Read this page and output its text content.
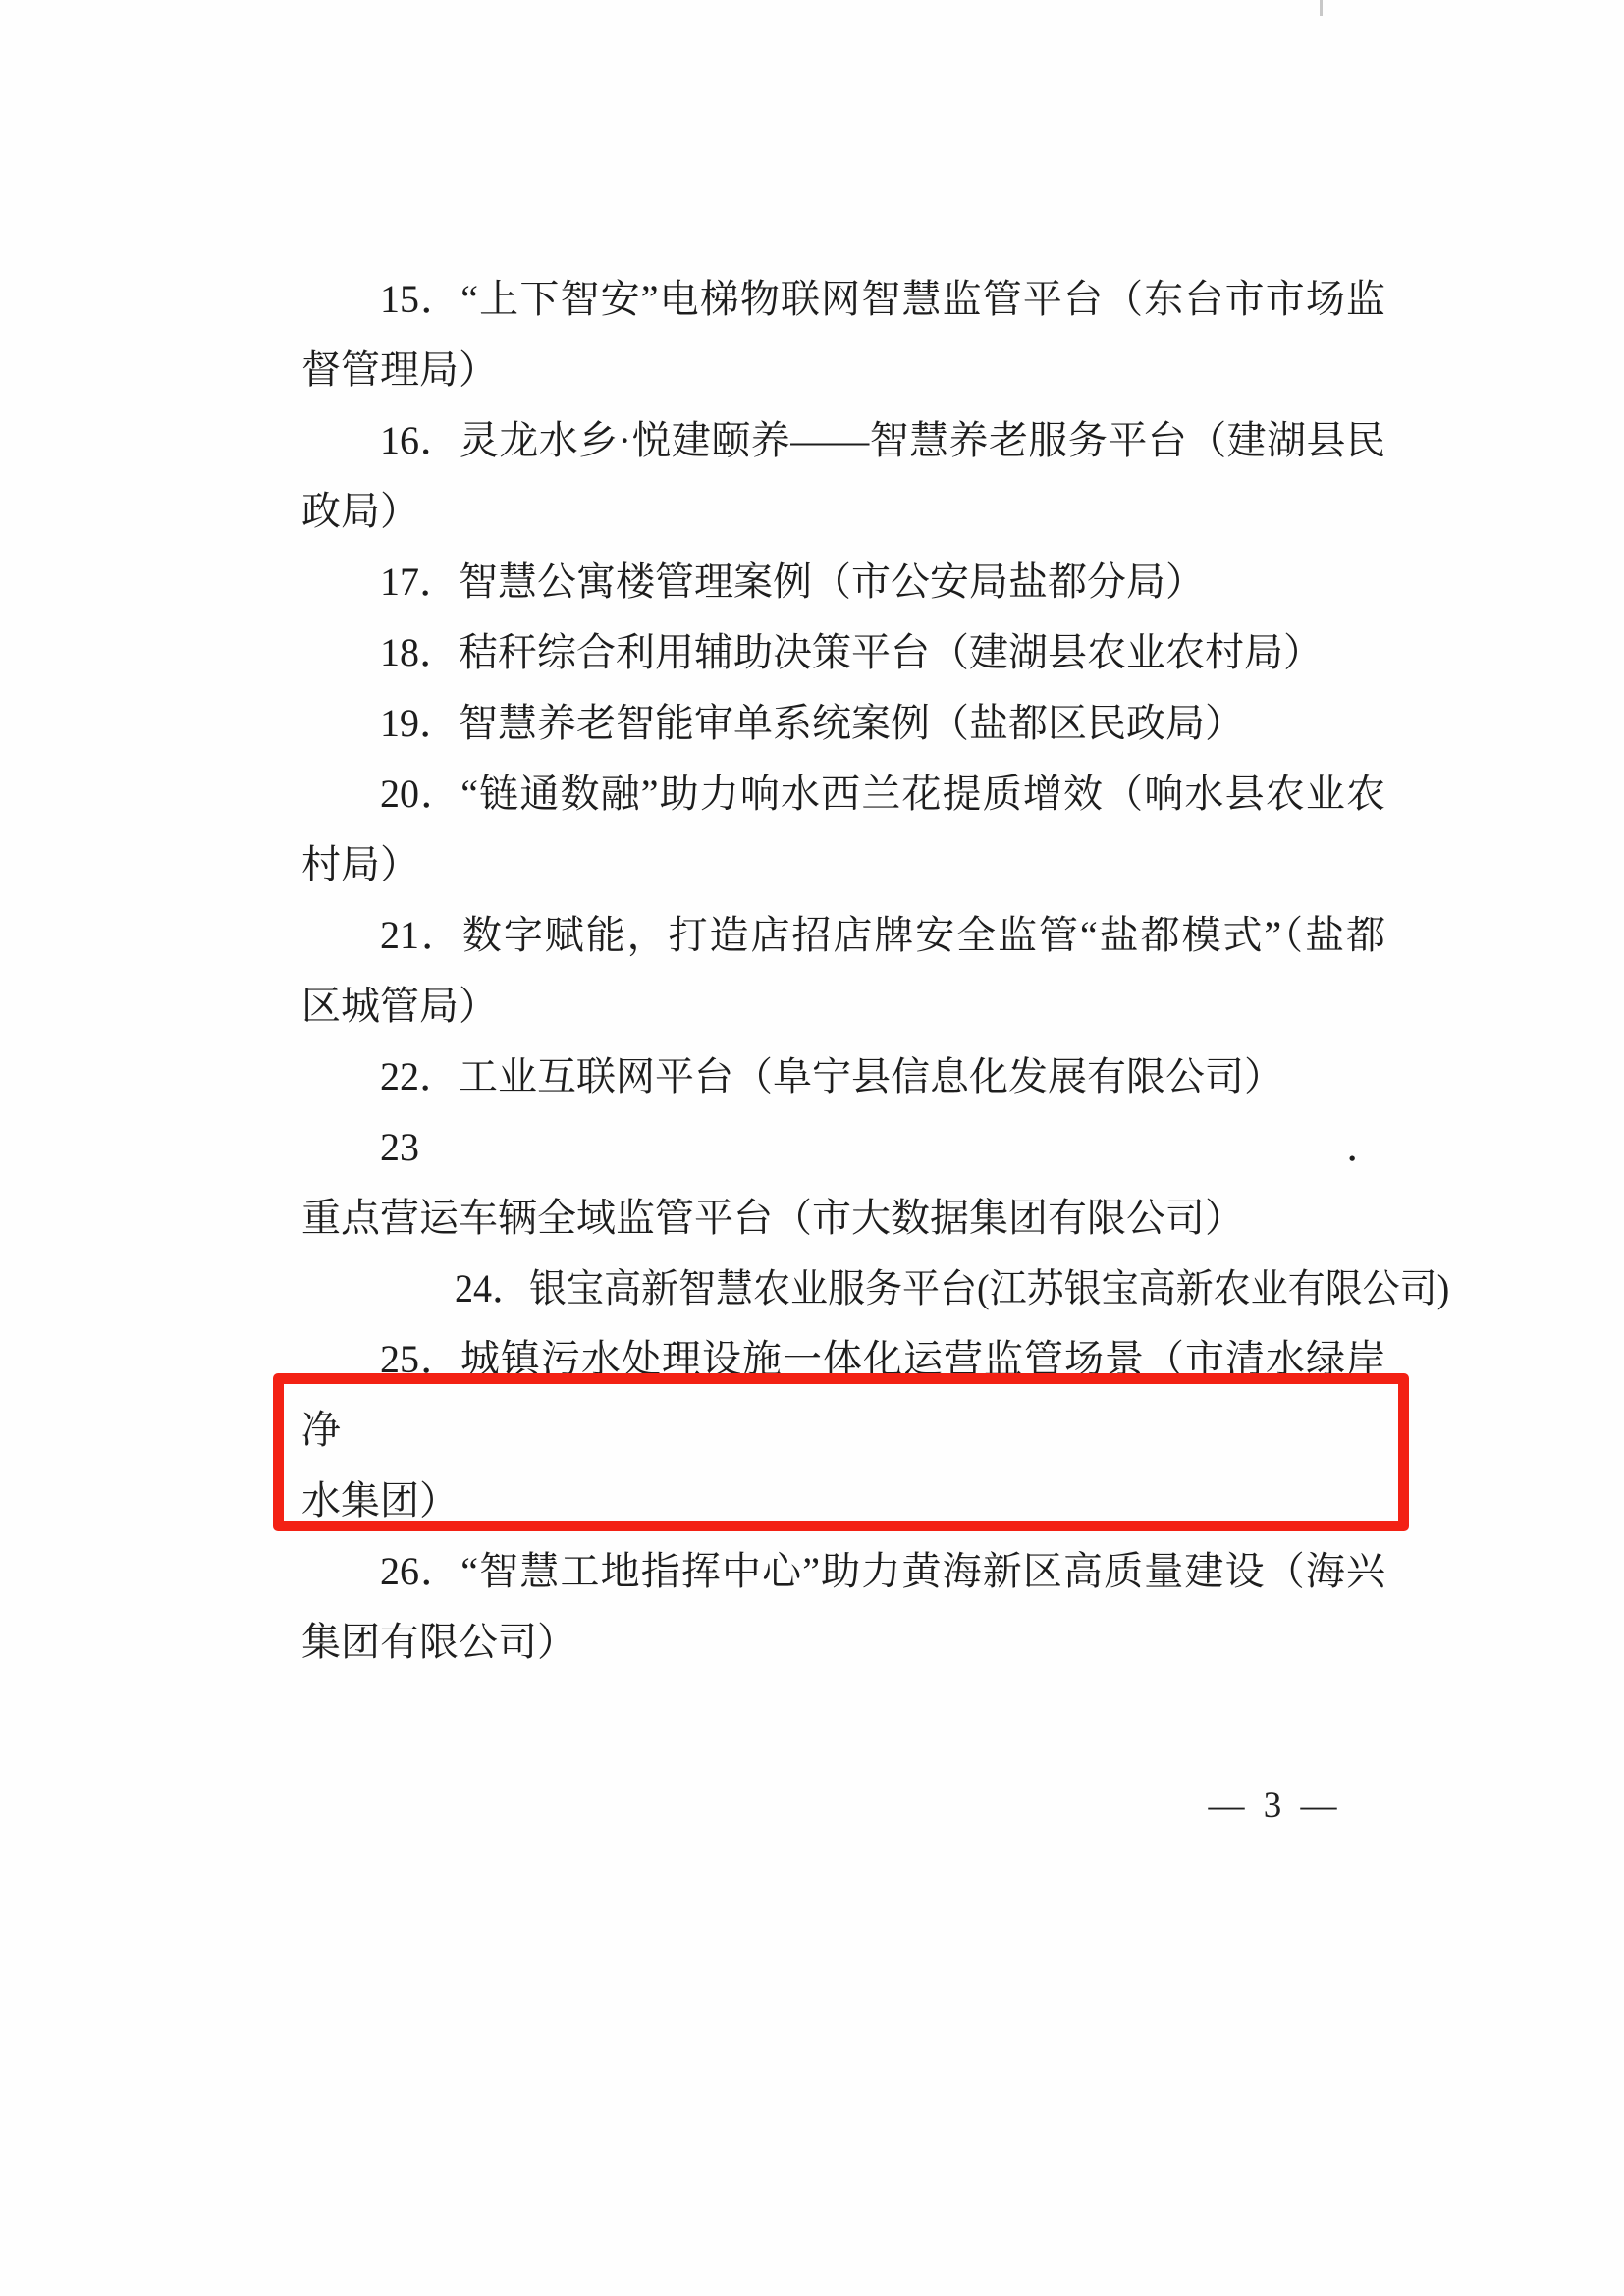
15．“上下智安”电梯物联网智慧监管平台（东台市市场监
督管理局）
16．灵龙水乡·悦建颐养——智慧养老服务平台（建湖县民
政局）
17．智慧公寓楼管理案例（市公安局盐都分局）
18．秸秆综合利用辅助决策平台（建湖县农业农村局）
19．智慧养老智能审单系统案例（盐都区民政局）
20．“链通数融”助力响水西兰花提质增效（响水县农业农
村局）
21．数字赋能，打造店招店牌安全监管“盐都模式”（盐都
区城管局）
22．工业互联网平台（阜宁县信息化发展有限公司）
23．重点营运车辆全域监管平台（市大数据集团有限公司）
24．银宝高新智慧农业服务平台(江苏银宝高新农业有限公司)
25．城镇污水处理设施一体化运营监管场景（市清水绿岸净
水集团）
26．“智慧工地指挥中心”助力黄海新区高质量建设（海兴
集团有限公司）
— 3 —
